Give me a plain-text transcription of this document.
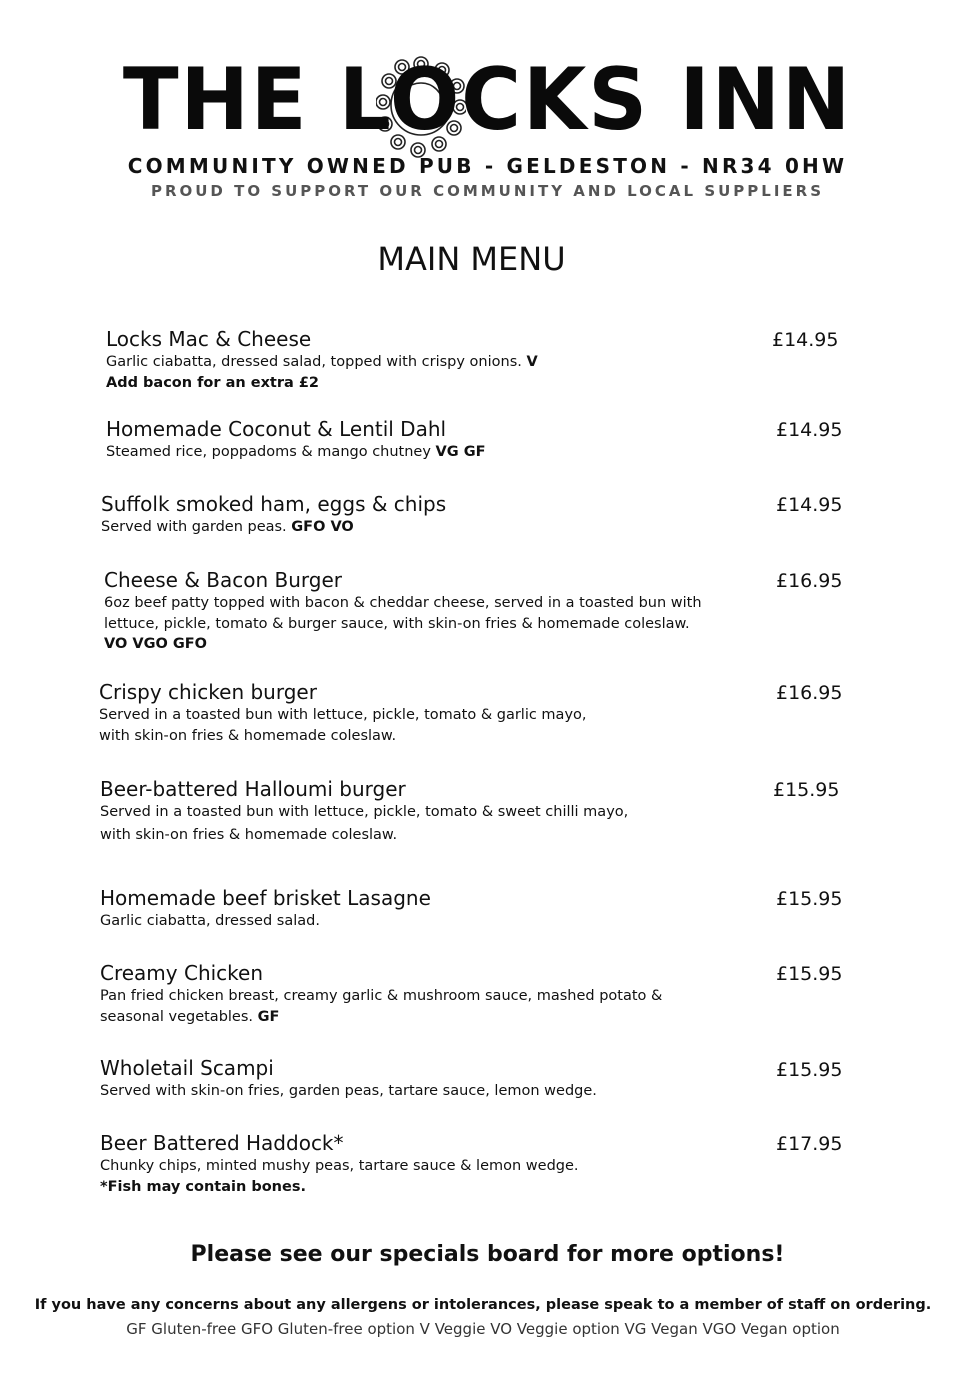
THE LOCKS INN
COMMUNITY OWNED PUB - GELDESTON - NR34 0HW
PROUD TO SUPPORT OUR COMMUNITY AND LOCAL SUPPLIERS
MAIN MENU
Locks Mac & Cheese
Garlic ciabatta, dressed salad, topped with crispy onions. V
Add bacon for an extra £2
£14.95
Homemade Coconut & Lentil Dahl
Steamed rice, poppadoms & mango chutney VG GF
£14.95
Suffolk smoked ham, eggs & chips
Served with garden peas. GFO VO
£14.95
Cheese & Bacon Burger
6oz beef patty topped with bacon & cheddar cheese, served in a toasted bun with
lettuce, pickle, tomato & burger sauce, with skin-on fries & homemade coleslaw.
VO VGO GFO
£16.95
Crispy chicken burger
Served in a toasted bun with lettuce, pickle, tomato & garlic mayo,
with skin-on fries & homemade coleslaw.
£16.95
Beer-battered Halloumi burger
Served in a toasted bun with lettuce, pickle, tomato & sweet chilli mayo,
with skin-on fries & homemade coleslaw.
£15.95
Homemade beef brisket Lasagne
Garlic ciabatta, dressed salad.
£15.95
Creamy Chicken
Pan fried chicken breast, creamy garlic & mushroom sauce, mashed potato &
seasonal vegetables. GF
£15.95
Wholetail Scampi
Served with skin-on fries, garden peas, tartare sauce, lemon wedge.
£15.95
Beer Battered Haddock*
Chunky chips, minted mushy peas, tartare sauce & lemon wedge.
*Fish may contain bones.
£17.95
Please see our specials board for more options!
If you have any concerns about any allergens or intolerances, please speak to a member of staff on ordering.
GF Gluten-free GFO Gluten-free option V Veggie VO Veggie option VG Vegan VGO Vegan option
